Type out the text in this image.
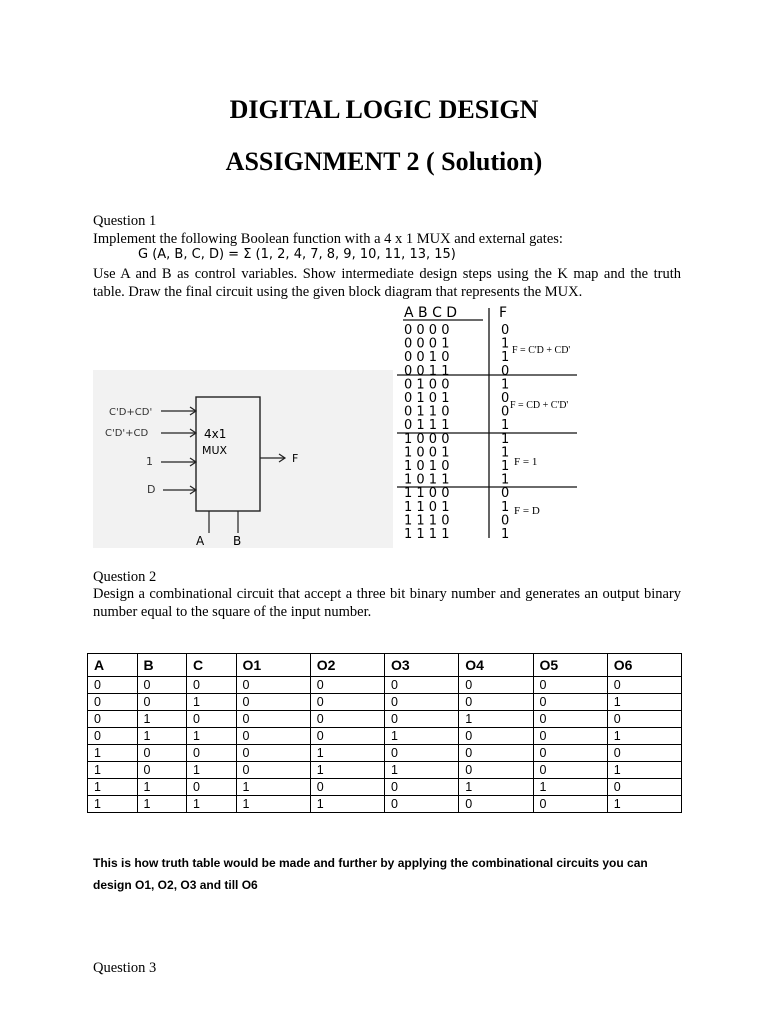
DIGITAL LOGIC DESIGN
ASSIGNMENT 2 ( Solution)
Question 1
Implement the following Boolean function with a 4 x 1 MUX and external gates:
G (A, B, C, D) = Σ (1, 2, 4, 7, 8, 9, 10, 11, 13, 15)
Use A and B as control variables. Show intermediate design steps using the K map and the truth table. Draw the final circuit using the given block diagram that represents the MUX.
4x1
MUX
C'D+CD'
C'D'+CD
1
D
F
A B
A B C D	F
0 0 0 0	0
0 0 0 1	1
0 0 1 0	1
0 0 1 1	0
0 1 0 0	1
0 1 0 1	0
0 1 1 0	0
0 1 1 1	1
1 0 0 0	1
1 0 0 1	1
1 0 1 0	1
1 0 1 1	1
1 1 0 0	0
1 1 0 1	1
1 1 1 0	0
1 1 1 1	1
F = C'D + CD'
F = CD + C'D'
F = 1
F = D
Question 2
Design a combinational circuit that accept a three bit binary number and generates an output binary number equal to the square of the input number.
A	B	C	O1	O2	O3	O4	O5	O6
0	0	0	0	0	0	0	0	0
0	0	1	0	0	0	0	0	1
0	1	0	0	0	0	1	0	0
0	1	1	0	0	1	0	0	1
1	0	0	0	1	0	0	0	0
1	0	1	0	1	1	0	0	1
1	1	0	1	0	0	1	1	0
1	1	1	1	1	0	0	0	1
This is how truth table would be made and further by applying the combinational circuits you can design O1, O2, O3 and till O6
Question 3
